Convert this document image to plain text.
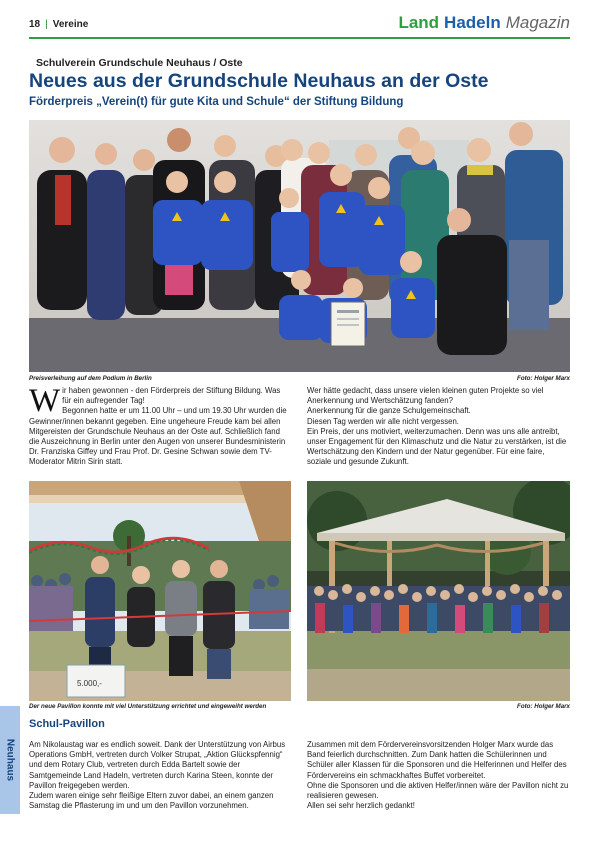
18 | Vereine	Land Hadeln Magazin
Schulverein Grundschule Neuhaus / Oste
Neues aus der Grundschule Neuhaus an der Oste
Förderpreis „Verein(t) für gute Kita und Schule“ der Stiftung Bildung
Preisverleihung auf dem Podium in Berlin	Foto: Holger Marx

Wir haben gewonnen - den Förderpreis der Stiftung Bildung. Was für ein aufregender Tag!

Begonnen hatte er um 11.00 Uhr – und um 19.30 Uhr wurden die Gewinner/innen bekannt gegeben. Eine ungeheure Freude kam bei allen Mitgereisten der Grundschule Neuhaus an der Oste auf. Schließlich fand die Auszeichnung in Berlin unter den Augen von unserer Bundesministerin Dr. Franziska Giffey und Frau Prof. Dr. Gesine Schwan sowie dem TV-Moderator Mitrin Sirin statt.

Wer hätte gedacht, dass unsere vielen kleinen guten Projekte so viel Anerkennung und Wertschätzung fanden?

Anerkennung für die ganze Schulgemeinschaft.

Diesen Tag werden wir alle nicht vergessen.

Ein Preis, der uns motiviert, weiterzumachen. Denn was uns alle antreibt, unser Engagement für den Klimaschutz und die Natur zu verstärken, ist die Wertschätzung den Kindern und der Natur gegenüber. Für eine faire, soziale und gesunde Zukunft.

5.000,-
Der neue Pavillon konnte mit viel Unterstützung errichtet und eingeweiht werden	Foto: Holger Marx
Neuhaus
Schul-Pavillon

Am Nikolaustag war es endlich soweit. Dank der Unterstützung von Airbus Operations GmbH, vertreten durch Volker Strupat, „Aktion Glückspfennig“ und dem Rotary Club, vertreten durch Edda Bartelt sowie der Samtgemeinde Land Hadeln, vertreten durch Karina Steen, konnte der Pavillon freigegeben werden.

Zudem waren einige sehr fleißige Eltern zuvor dabei, an einem ganzen Samstag die Pflasterung im und um den Pavillon vorzunehmen.

Zusammen mit dem Fördervereinsvorsitzenden Holger Marx wurde das Band feierlich durchschnitten. Zum Dank hatten die Schülerinnen und Schüler aller Klassen für die Sponsoren und die Helferinnen und Helfer des Fördervereins ein schmackhaftes Buffet vorbereitet.

Ohne die Sponsoren und die aktiven Helfer/innen wäre der Pavillon nicht zu realisieren gewesen.

Allen sei sehr herzlich gedankt!
